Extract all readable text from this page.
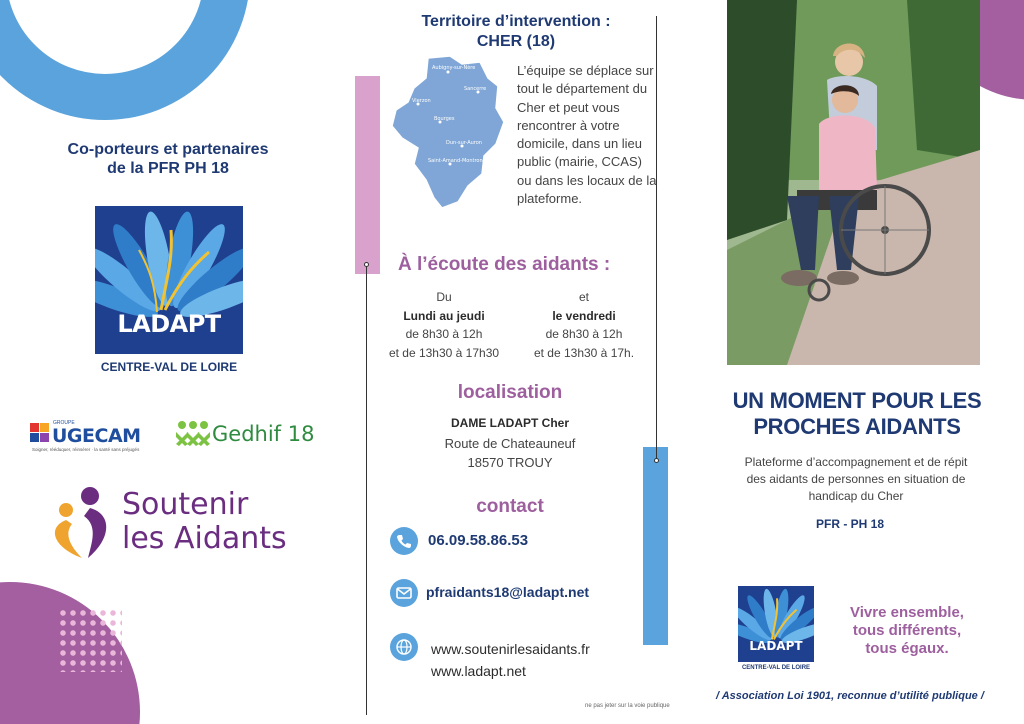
Co-porteurs et partenaires
de la PFR PH 18
LADAPT
CENTRE-VAL DE LOIRE
GROUPE
UGECAM
Soigner, rééduquer, réinsérer · la santé sans préjugés
Gedhif 18
Soutenir
les Aidants
Territoire d’intervention :
CHER (18)
Aubigny-sur-Nère
Vierzon
Bourges
Sancerre
Dun-sur-Auron
Saint-Amand-Montrond
L’équipe se déplace sur tout le département du Cher et peut vous rencontrer à votre domicile, dans un lieu public (mairie, CCAS) ou dans les locaux de la plateforme.
À l’écoute des aidants :
Du
Lundi au jeudi
de 8h30 à 12h
et de 13h30 à 17h30
et
le vendredi
de 8h30 à 12h
et de 13h30 à 17h.
localisation
DAME LADAPT Cher
Route de Chateauneuf
18570 TROUY
contact
06.09.58.86.53
pfraidants18@ladapt.net
www.soutenirlesaidants.fr
www.ladapt.net
ne pas jeter sur la voie publique
UN MOMENT POUR LES
PROCHES AIDANTS
Plateforme d’accompagnement et de répit des aidants de personnes en situation de handicap du Cher
PFR - PH 18
LADAPT
CENTRE-VAL DE LOIRE
Vivre ensemble,
tous différents,
tous égaux.
/ Association Loi 1901, reconnue d’utilité publique /
